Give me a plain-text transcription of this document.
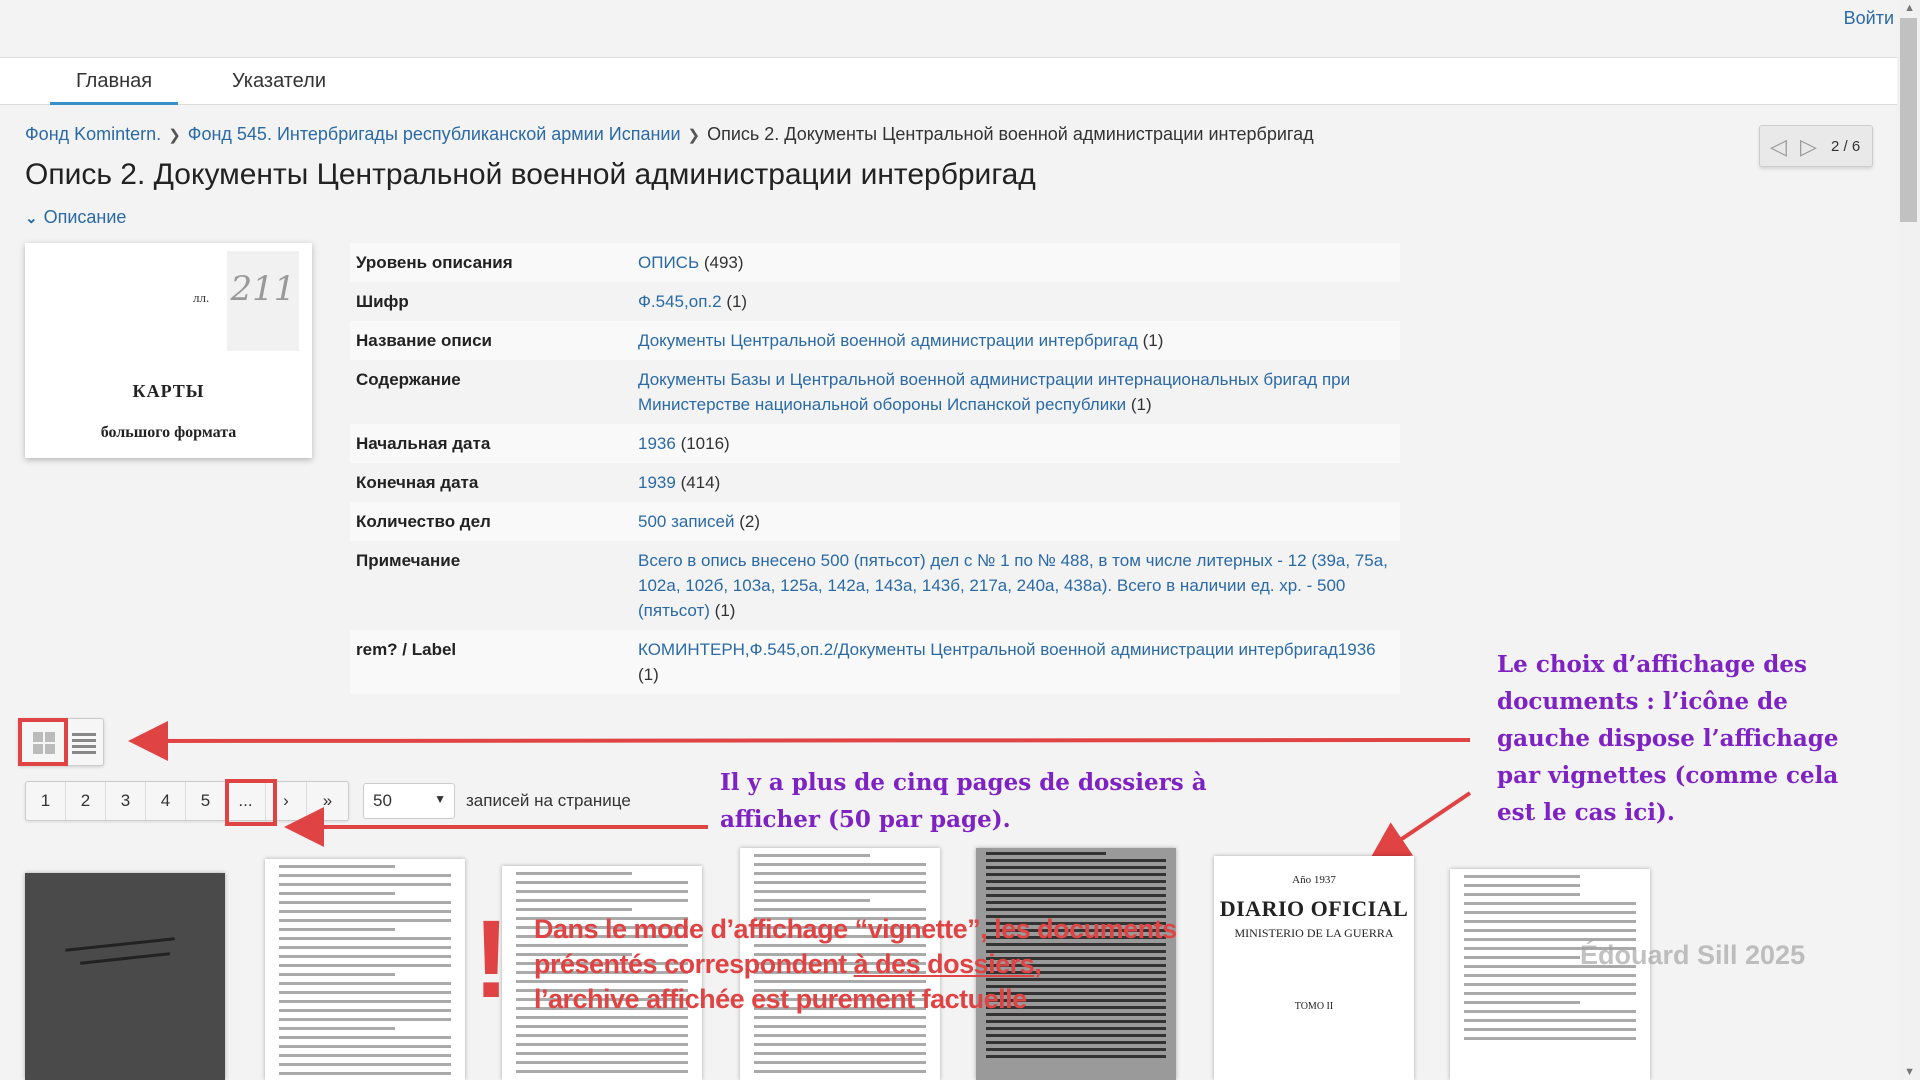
Войти
Главная	Указатели
▲
▼
Фонд Komintern. ❯ Фонд 545. Интербригады республиканской армии Испании ❯ Опись 2. Документы Центральной военной администрации интербригад	◁ ▷ 2 / 6
Опись 2. Документы Центральной военной администрации интербригад
⌄ Описание
211
лл.
КАРТЫ
большого формата
Уровень описания	ОПИСЬ (493)
Шифр	Ф.545,оп.2 (1)
Название описи	Документы Центральной военной администрации интербригад (1)
Содержание	Документы Базы и Центральной военной администрации интернациональных бригад при Министерстве национальной обороны Испанской республики (1)
Начальная дата	1936 (1016)
Конечная дата	1939 (414)
Количество дел	500 записей (2)
Примечание	Всего в опись внесено 500 (пятьсот) дел с № 1 по № 488, в том числе литерных - 12 (39а, 75а, 102а, 102б, 103а, 125а, 142а, 143а, 143б, 217а, 240а, 438а). Всего в наличии ед. хр. - 500 (пятьсот) (1)
rem? / Label	КОМИНТЕРН,Ф.545,оп.2/Документы Центральной военной администрации интербригад1936 (1)
1	2	3	4	5	...	›	»	50	▼ записей на странице
Le choix d’affichage des documents : l’icône de gauche dispose l’affichage par vignettes (comme cela est le cas ici).
Il y a plus de cinq pages de dossiers à afficher (50 par page).
Año 1937
DIARIO OFICIAL
MINISTERIO DE LA GUERRA
TOMO II
! Dans le mode d’affichage “vignette”, les documents
présentés correspondent à des dossiers,
l’archive affichée est purement factuelle
Édouard Sill 2025
